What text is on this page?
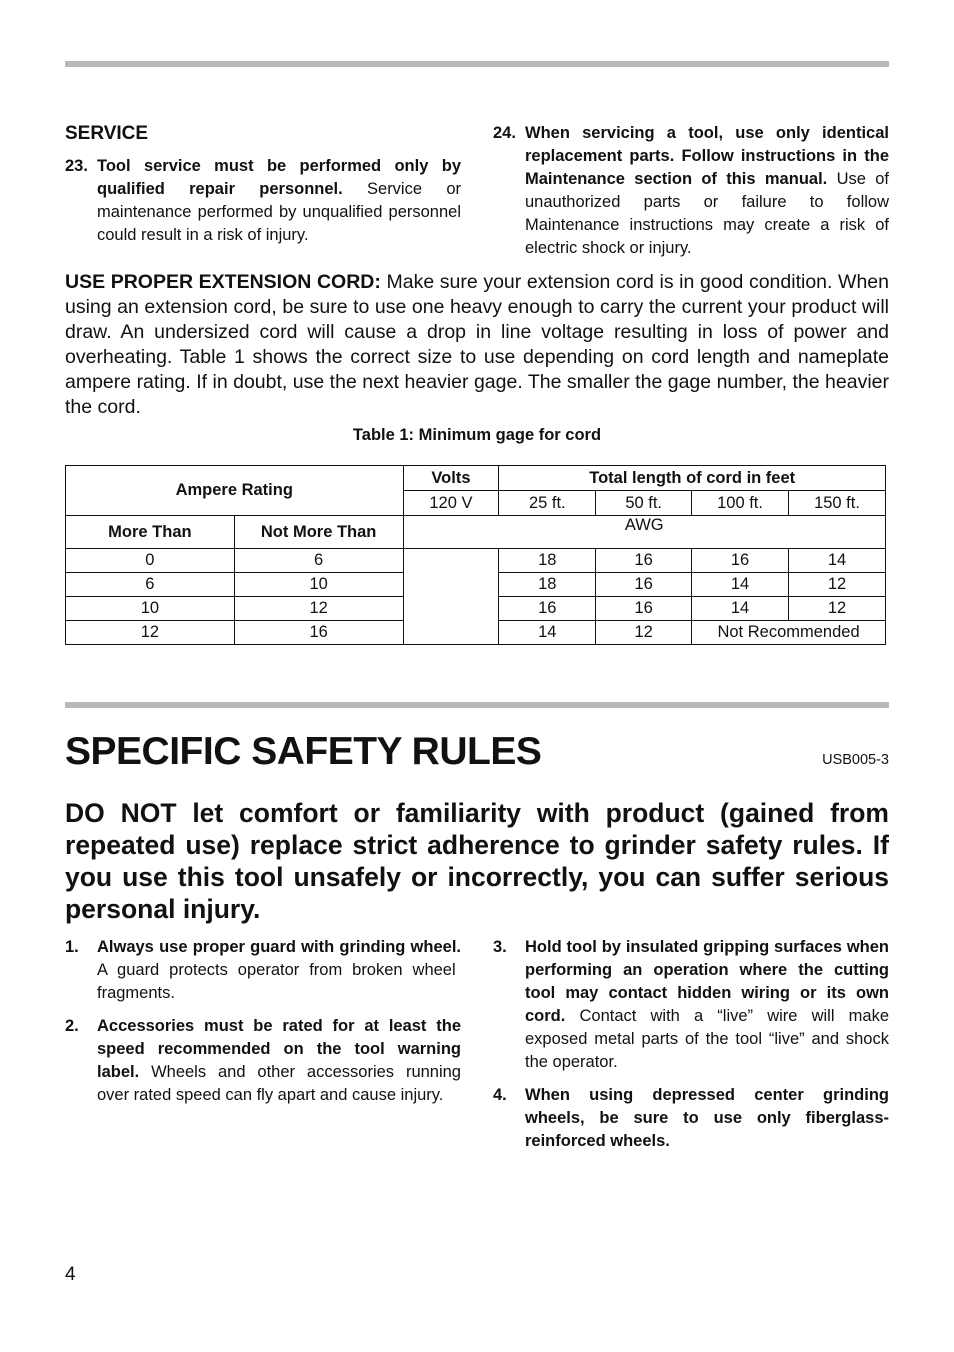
SERVICE
23. Tool service must be performed only by qualified repair personnel. Service or maintenance performed by unqualified personnel could result in a risk of injury.
24. When servicing a tool, use only identical replacement parts. Follow instructions in the Maintenance section of this manual. Use of unauthorized parts or failure to follow Maintenance instructions may create a risk of electric shock or injury.
USE PROPER EXTENSION CORD: Make sure your extension cord is in good condition. When using an extension cord, be sure to use one heavy enough to carry the current your product will draw. An undersized cord will cause a drop in line voltage resulting in loss of power and overheating. Table 1 shows the correct size to use depending on cord length and nameplate ampere rating. If in doubt, use the next heavier gage. The smaller the gage number, the heavier the cord.
Table 1: Minimum gage for cord
Ampere Rating		Volts	Total length of cord in feet			
		120 V	25 ft.	50 ft.	100 ft.	150 ft.
More Than	Not More Than	AWG				
0	6		18	16	16	14
6	10		18	16	14	12
10	12		16	16	14	12
12	16		14	12	Not Recommended	
SPECIFIC SAFETY RULES	USB005-3
DO NOT let comfort or familiarity with product (gained from repeated use) replace strict adherence to grinder safety rules. If you use this tool unsafely or incorrectly, you can suffer serious personal injury.
1. Always use proper guard with grinding wheel. A guard protects operator from broken wheel fragments.
2. Accessories must be rated for at least the speed recommended on the tool warning label. Wheels and other accessories running over rated speed can fly apart and cause injury.
3. Hold tool by insulated gripping surfaces when performing an operation where the cutting tool may contact hidden wiring or its own cord. Contact with a “live” wire will make exposed metal parts of the tool “live” and shock the operator.
4. When using depressed center grinding wheels, be sure to use only fiberglass-reinforced wheels.
4
